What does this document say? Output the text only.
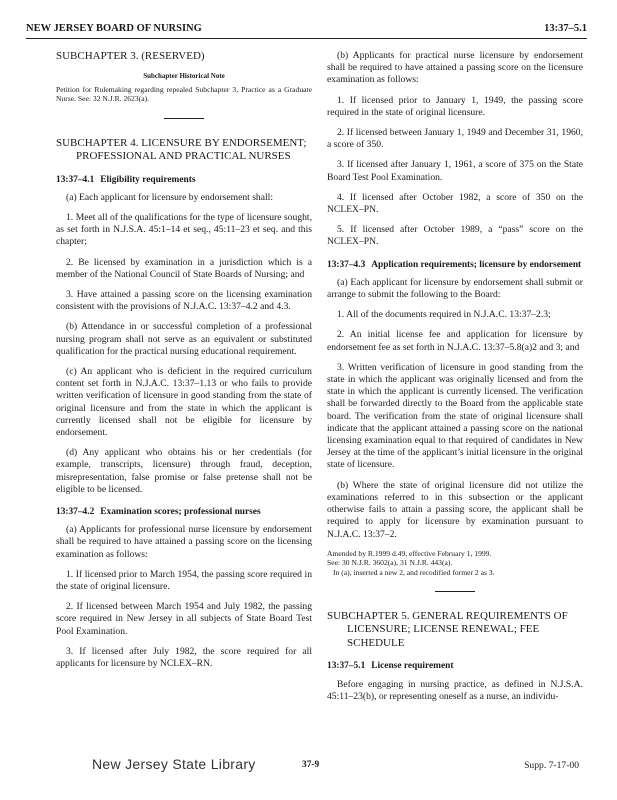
NEW JERSEY BOARD OF NURSING	13:37–5.1
SUBCHAPTER 3. (RESERVED)
Subchapter Historical Note
Petition for Rulemaking regarding repealed Subchapter 3, Practice as a Graduate Nurse. See: 32 N.J.R. 2623(a).
SUBCHAPTER 4. LICENSURE BY ENDORSEMENT; PROFESSIONAL AND PRACTICAL NURSES
13:37–4.1 Eligibility requirements

(a) Each applicant for licensure by endorsement shall:

1. Meet all of the qualifications for the type of licensure sought, as set forth in N.J.S.A. 45:1–14 et seq., 45:11–23 et seq. and this chapter;

2. Be licensed by examination in a jurisdiction which is a member of the National Council of State Boards of Nursing; and

3. Have attained a passing score on the licensing examination consistent with the provisions of N.J.A.C. 13:37–4.2 and 4.3.

(b) Attendance in or successful completion of a professional nursing program shall not serve as an equivalent or substituted qualification for the practical nursing educational requirement.

(c) An applicant who is deficient in the required curriculum content set forth in N.J.A.C. 13:37–1.13 or who fails to provide written verification of licensure in good standing from the state of original licensure and from the state in which the applicant is currently licensed shall not be eligible for licensure by endorsement.

(d) Any applicant who obtains his or her credentials (for example, transcripts, licensure) through fraud, deception, misrepresentation, false promise or false pretense shall not be eligible to be licensed.

13:37–4.2 Examination scores; professional nurses

(a) Applicants for professional nurse licensure by endorsement shall be required to have attained a passing score on the licensing examination as follows:

1. If licensed prior to March 1954, the passing score required in the state of original licensure.

2. If licensed between March 1954 and July 1982, the passing score required in New Jersey in all subjects of State Board Test Pool Examination.

3. If licensed after July 1982, the score required for all applicants for licensure by NCLEX–RN.

(b) Applicants for practical nurse licensure by endorsement shall be required to have attained a passing score on the licensure examination as follows:

1. If licensed prior to January 1, 1949, the passing score required in the state of original licensure.

2. If licensed between January 1, 1949 and December 31, 1960, a score of 350.

3. If licensed after January 1, 1961, a score of 375 on the State Board Test Pool Examination.

4. If licensed after October 1982, a score of 350 on the NCLEX–PN.

5. If licensed after October 1989, a “pass” score on the NCLEX–PN.

13:37–4.3 Application requirements; licensure by endorsement

(a) Each applicant for licensure by endorsement shall submit or arrange to submit the following to the Board:

1. All of the documents required in N.J.A.C. 13:37–2.3;

2. An initial license fee and application for licensure by endorsement fee as set forth in N.J.A.C. 13:37–5.8(a)2 and 3; and

3. Written verification of licensure in good standing from the state in which the applicant was originally licensed and from the state in which the applicant is currently licensed. The verification shall be forwarded directly to the Board from the applicable state board. The verification from the state of original licensure shall indicate that the applicant attained a passing score on the national licensing examination equal to that required of candidates in New Jersey at the time of the applicant’s initial licensure in the original state of licensure.

(b) Where the state of original licensure did not utilize the examinations referred to in this subsection or the applicant otherwise fails to attain a passing score, the applicant shall be required to apply for licensure by examination pursuant to N.J.A.C. 13:37–2.

Amended by R.1999 d.49, effective February 1, 1999.
See: 30 N.J.R. 3602(a), 31 N.J.R. 443(a).
In (a), inserted a new 2, and recodified former 2 as 3.
SUBCHAPTER 5. GENERAL REQUIREMENTS OF LICENSURE; LICENSE RENEWAL; FEE SCHEDULE
13:37–5.1 License requirement

Before engaging in nursing practice, as defined in N.J.S.A. 45:11–23(b), or representing oneself as a nurse, an individu-

New Jersey State Library	37-9	Supp. 7-17-00
